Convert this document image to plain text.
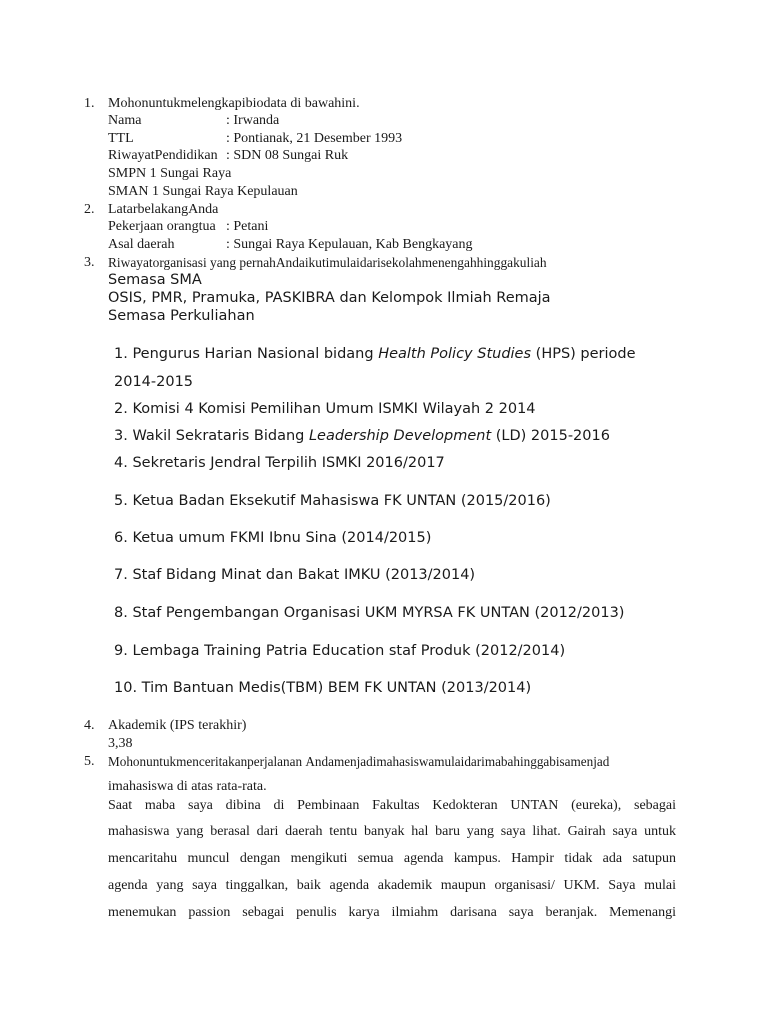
1. Mohonuntukmelengkapibiodata di bawahini.
Nama	: Irwanda
TTL	: Pontianak, 21 Desember 1993
RiwayatPendidikan : SDN 08 Sungai Ruk
SMPN 1 Sungai Raya
SMAN 1 Sungai Raya Kepulauan
2. LatarbelakangAnda
Pekerjaan orangtua : Petani
Asal daerah	: Sungai Raya Kepulauan, Kab Bengkayang
3. Riwayatorganisasi yang pernahAndaikutimulaidarisekolahmenengahhinggakuliah
Semasa SMA
OSIS, PMR, Pramuka, PASKIBRA dan Kelompok Ilmiah Remaja
Semasa Perkuliahan
1. Pengurus Harian Nasional bidang Health Policy Studies (HPS) periode
2014-2015
2. Komisi 4 Komisi Pemilihan Umum ISMKI Wilayah 2 2014
3. Wakil Sekrataris Bidang Leadership Development (LD) 2015-2016
4. Sekretaris Jendral Terpilih ISMKI 2016/2017
5. Ketua Badan Eksekutif Mahasiswa FK UNTAN (2015/2016)
6. Ketua umum FKMI Ibnu Sina (2014/2015)
7. Staf Bidang Minat dan Bakat IMKU (2013/2014)
8. Staf Pengembangan Organisasi UKM MYRSA FK UNTAN (2012/2013)
9. Lembaga Training Patria Education staf Produk (2012/2014)
10. Tim Bantuan Medis(TBM) BEM FK UNTAN (2013/2014)
4. Akademik (IPS terakhir)
3,38
5. Mohonuntukmenceritakanperjalanan Andamenjadimahasiswamulaidarimabahinggabisamenjad
imahasiswa di atas rata-rata.
Saat maba saya dibina di Pembinaan Fakultas Kedokteran UNTAN (eureka), sebagai
mahasiswa yang berasal dari daerah tentu banyak hal baru yang saya lihat. Gairah saya untuk
mencaritahu muncul dengan mengikuti semua agenda kampus. Hampir tidak ada satupun
agenda yang saya tinggalkan, baik agenda akademik maupun organisasi/ UKM. Saya mulai
menemukan passion sebagai penulis karya ilmiahm darisana saya beranjak. Memenangi
